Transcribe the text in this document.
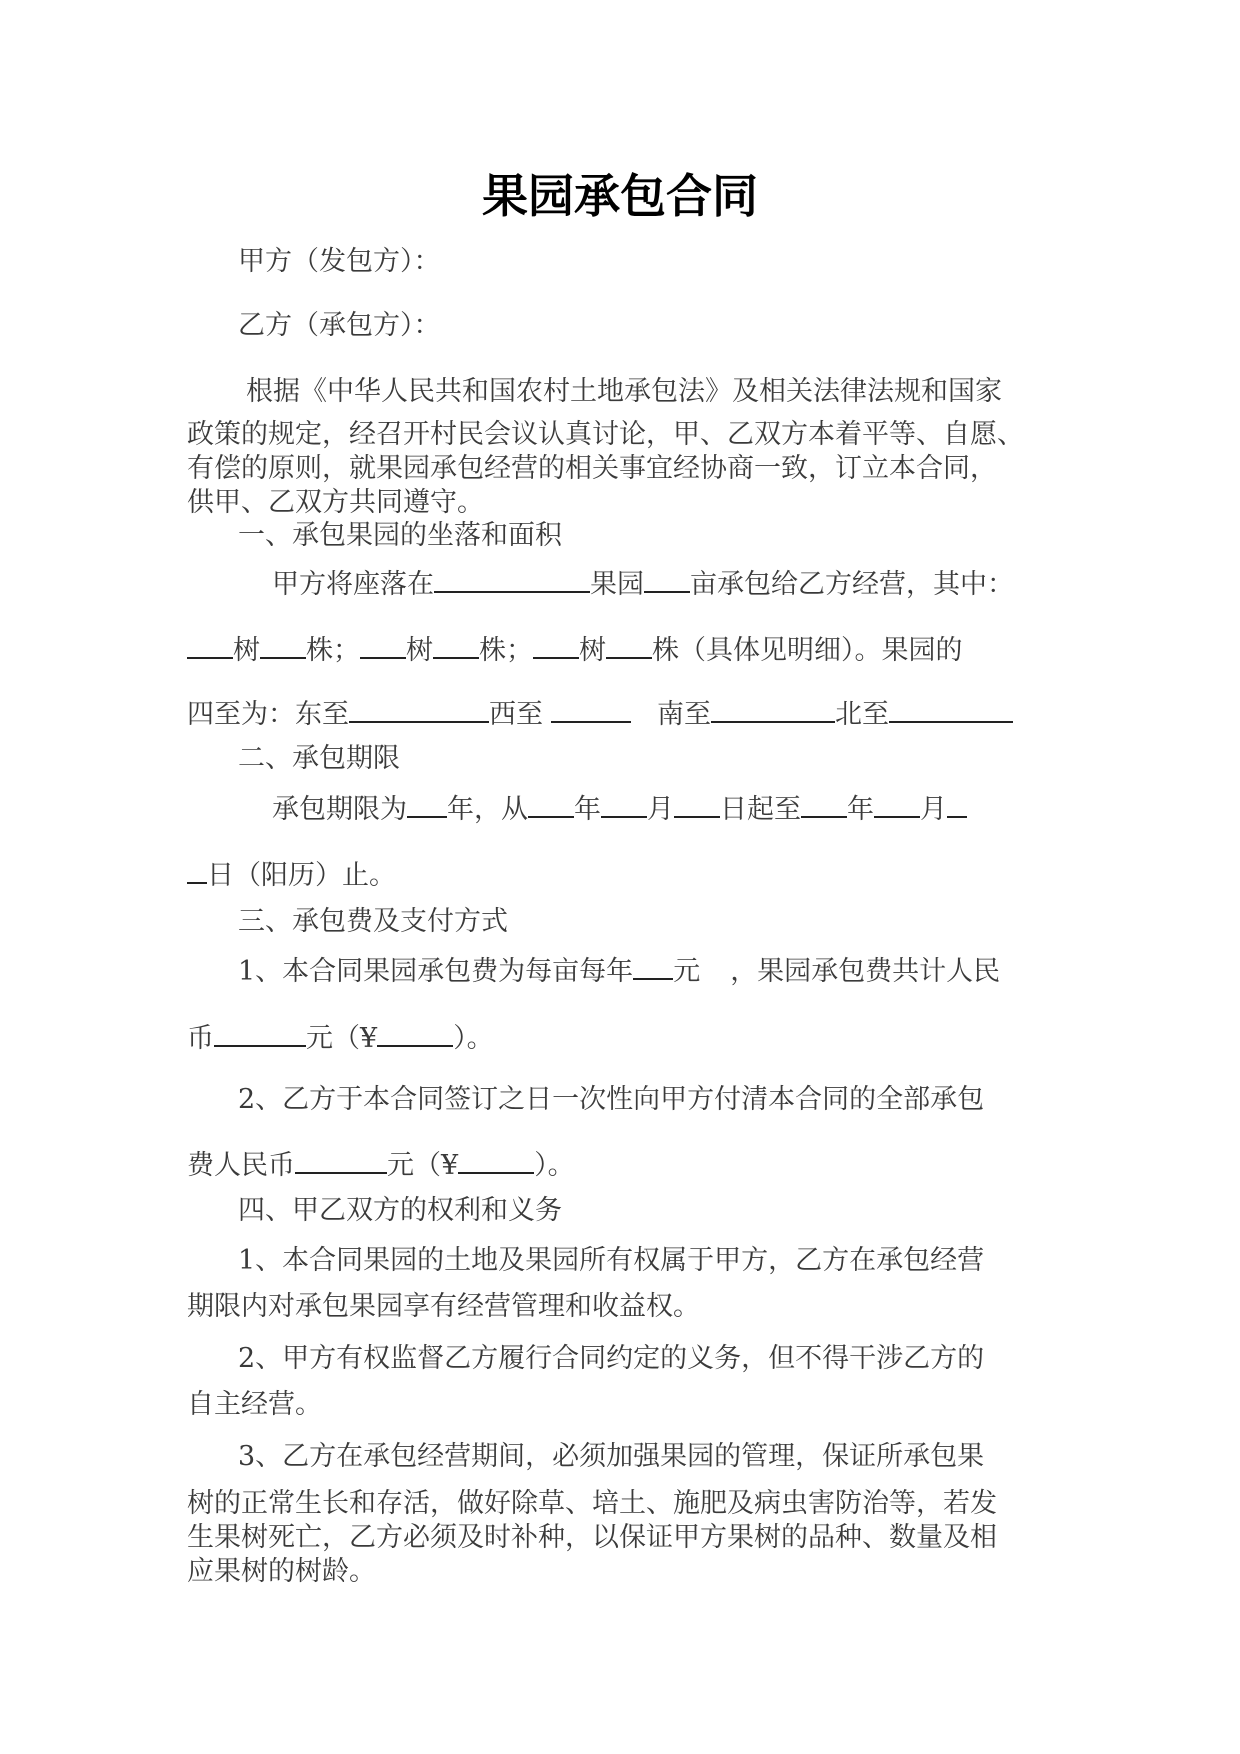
果园承包合同
甲方（发包方）：
乙方（承包方）：
根据《中华人民共和国农村土地承包法》及相关法律法规和国家
政策的规定，经召开村民会议认真讨论，甲、乙双方本着平等、自愿、
有偿的原则，就果园承包经营的相关事宜经协商一致，订立本合同，
供甲、乙双方共同遵守。
一、承包果园的坐落和面积
甲方将座落在	果园 亩承包给乙方经营，其中：
树 株； 树 株； 树 株（具体见明细）。果园的
四至为：东至	西至	南至	北至
二、承包期限
承包期限为 年，从 年 月 日起至 年 月
日（阳历）止。
三、承包费及支付方式
1、本合同果园承包费为每亩每年 元 ，果园承包费共计人民
币	元（¥	）。
2、乙方于本合同签订之日一次性向甲方付清本合同的全部承包
费人民币	元（¥	）。
四、甲乙双方的权利和义务
1、本合同果园的土地及果园所有权属于甲方，乙方在承包经营
期限内对承包果园享有经营管理和收益权。
2、甲方有权监督乙方履行合同约定的义务，但不得干涉乙方的
自主经营。
3、乙方在承包经营期间，必须加强果园的管理，保证所承包果
树的正常生长和存活，做好除草、培土、施肥及病虫害防治等，若发
生果树死亡，乙方必须及时补种，以保证甲方果树的品种、数量及相
应果树的树龄。
